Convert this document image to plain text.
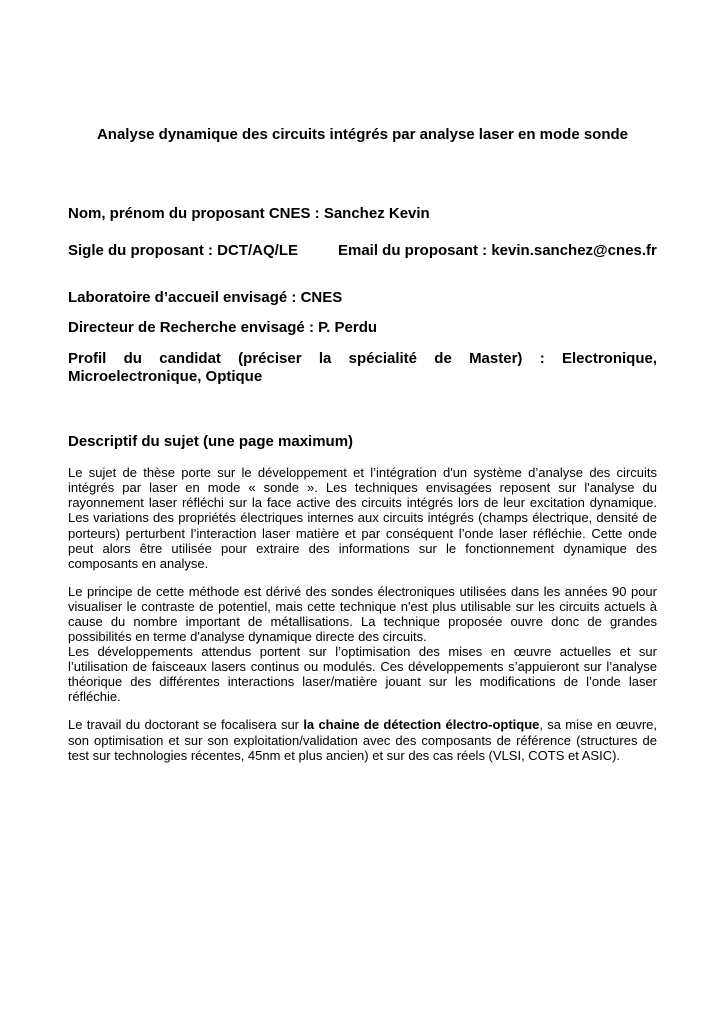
Analyse dynamique des circuits intégrés par analyse laser en mode sonde

Nom, prénom du proposant CNES : Sanchez Kevin

Sigle du proposant : DCT/AQ/LE	Email du proposant : kevin.sanchez@cnes.fr

Laboratoire d’accueil envisagé : CNES

Directeur de Recherche envisagé : P. Perdu

Profil du candidat (préciser la spécialité de Master) : Electronique, Microelectronique, Optique

Descriptif du sujet (une page maximum)

Le sujet de thèse porte sur le développement et l’intégration d'un système d’analyse des circuits intégrés par laser en mode « sonde ». Les techniques envisagées reposent sur l'analyse du rayonnement laser réfléchi sur la face active des circuits intégrés lors de leur excitation dynamique. Les variations des propriétés électriques internes aux circuits intégrés (champs électrique, densité de porteurs) perturbent l’interaction laser matière et par conséquent l’onde laser réfléchie. Cette onde peut alors être utilisée pour extraire des informations sur le fonctionnement dynamique des composants en analyse.

Le principe de cette méthode est dérivé des sondes électroniques utilisées dans les années 90 pour visualiser le contraste de potentiel, mais cette technique n'est plus utilisable sur les circuits actuels à cause du nombre important de métallisations. La technique proposée ouvre donc de grandes possibilités en terme d'analyse dynamique directe des circuits.
Les développements attendus portent sur l’optimisation des mises en œuvre actuelles et sur l’utilisation de faisceaux lasers continus ou modulés. Ces développements s’appuieront sur l’analyse théorique des différentes interactions laser/matière jouant sur les modifications de l’onde laser réfléchie.

Le travail du doctorant se focalisera sur la chaine de détection électro-optique, sa mise en œuvre, son optimisation et sur son exploitation/validation avec des composants de référence (structures de test sur technologies récentes, 45nm et plus ancien) et sur des cas réels (VLSI, COTS et ASIC).
